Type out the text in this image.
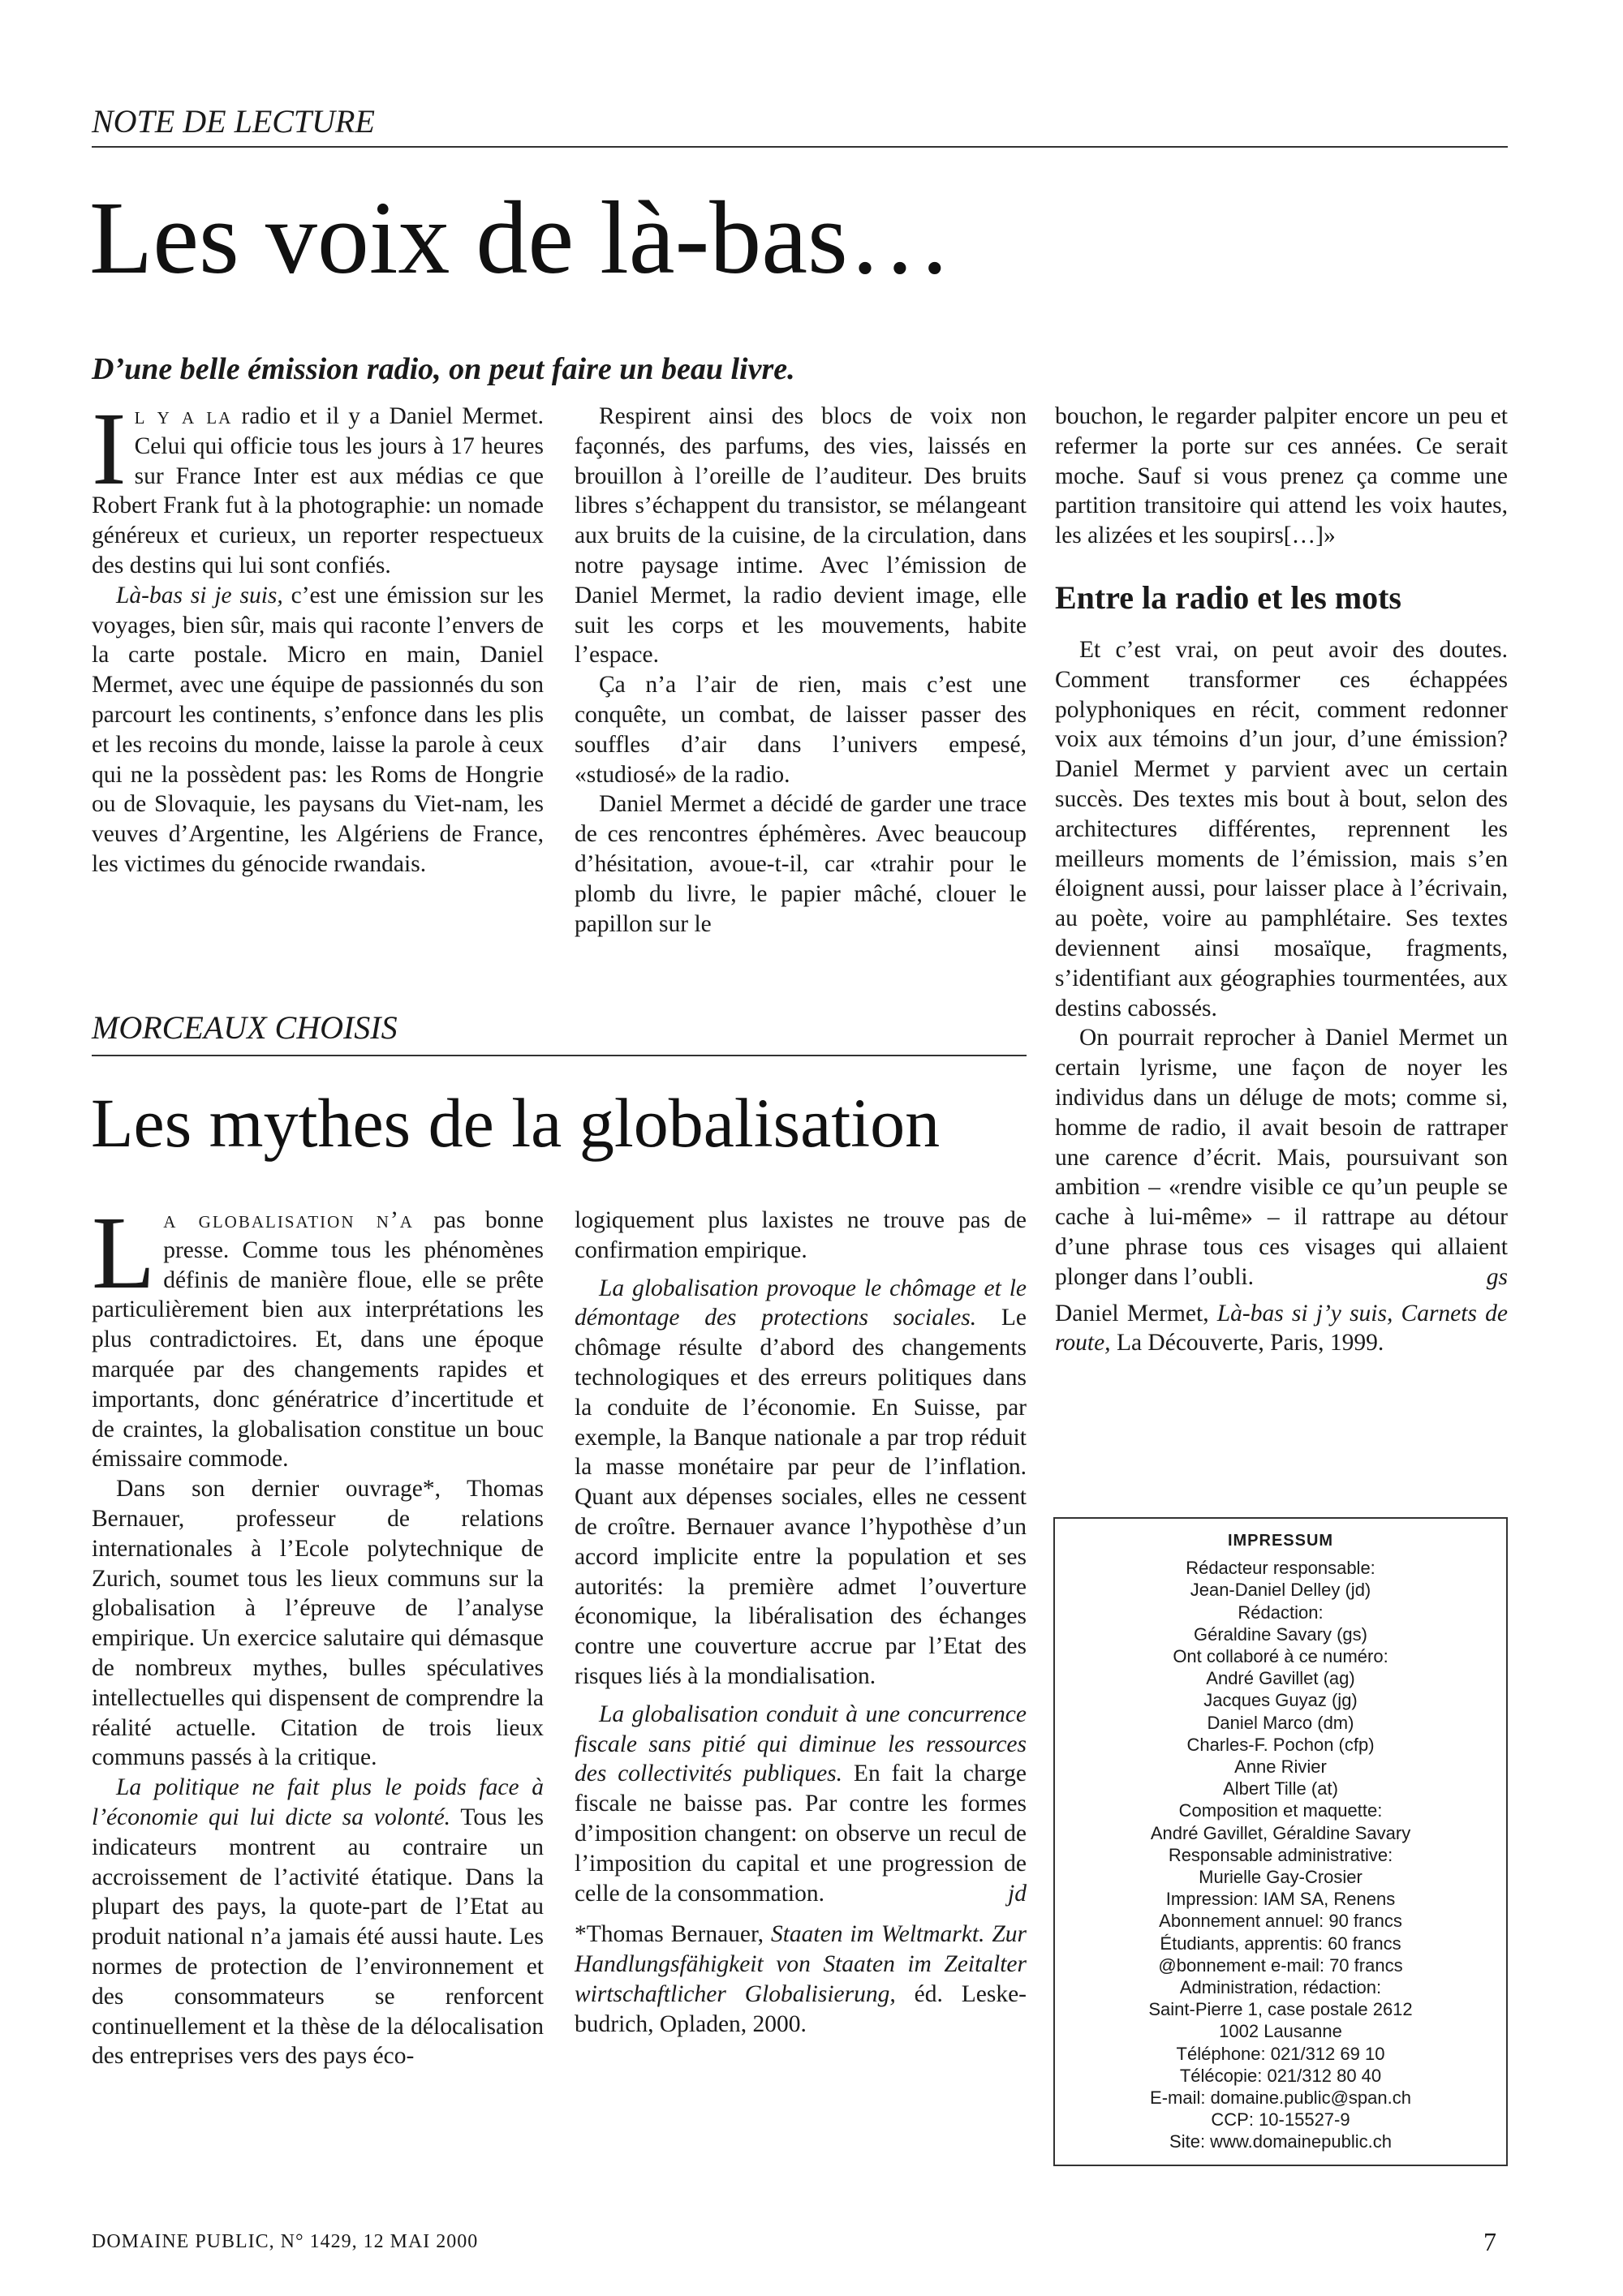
NOTE DE LECTURE
Les voix de là-bas…
D’une belle émission radio, on peut faire un beau livre.

Il y a la radio et il y a Daniel Mermet. Celui qui officie tous les jours à 17 heures sur France Inter est aux médias ce que Robert Frank fut à la photographie: un nomade généreux et curieux, un reporter respectueux des destins qui lui sont confiés.

Là-bas si je suis, c’est une émission sur les voyages, bien sûr, mais qui raconte l’envers de la carte postale. Micro en main, Daniel Mermet, avec une équipe de passionnés du son parcourt les continents, s’enfonce dans les plis et les recoins du monde, laisse la parole à ceux qui ne la possèdent pas: les Roms de Hongrie ou de Slovaquie, les paysans du Viet-nam, les veuves d’Argentine, les Algériens de France, les victimes du génocide rwandais.

Respirent ainsi des blocs de voix non façonnés, des parfums, des vies, laissés en brouillon à l’oreille de l’auditeur. Des bruits libres s’échappent du transistor, se mélangeant aux bruits de la cuisine, de la circulation, dans notre paysage intime. Avec l’émission de Daniel Mermet, la radio devient image, elle suit les corps et les mouvements, habite l’espace.

Ça n’a l’air de rien, mais c’est une conquête, un combat, de laisser passer des souffles d’air dans l’univers empesé, «studiosé» de la radio.

Daniel Mermet a décidé de garder une trace de ces rencontres éphémères. Avec beaucoup d’hésitation, avoue-t-il, car «trahir pour le plomb du livre, le papier mâché, clouer le papillon sur le

bouchon, le regarder palpiter encore un peu et refermer la porte sur ces années. Ce serait moche. Sauf si vous prenez ça comme une partition transitoire qui attend les voix hautes, les alizées et les soupirs[…]»

Entre la radio et les mots

Et c’est vrai, on peut avoir des doutes. Comment transformer ces échappées polyphoniques en récit, comment redonner voix aux témoins d’un jour, d’une émission? Daniel Mermet y parvient avec un certain succès. Des textes mis bout à bout, selon des architectures différentes, reprennent les meilleurs moments de l’émission, mais s’en éloignent aussi, pour laisser place à l’écrivain, au poète, voire au pamphlétaire. Ses textes deviennent ainsi mosaïque, fragments, s’identifiant aux géographies tourmentées, aux destins cabossés.

On pourrait reprocher à Daniel Mermet un certain lyrisme, une façon de noyer les individus dans un déluge de mots; comme si, homme de radio, il avait besoin de rattraper une carence d’écrit. Mais, poursuivant son ambition – «rendre visible ce qu’un peuple se cache à lui-même» – il rattrape au détour d’une phrase tous ces visages qui allaient plonger dans l’oubli.	gs

Daniel Mermet, Là-bas si j’y suis, Carnets de route, La Découverte, Paris, 1999.

MORCEAUX CHOISIS
Les mythes de la globalisation

La globalisation n’a pas bonne presse. Comme tous les phénomènes définis de manière floue, elle se prête particulièrement bien aux interprétations les plus contradictoires. Et, dans une époque marquée par des changements rapides et importants, donc génératrice d’incertitude et de craintes, la globalisation constitue un bouc émissaire commode.

Dans son dernier ouvrage*, Thomas Bernauer, professeur de relations internationales à l’Ecole polytechnique de Zurich, soumet tous les lieux communs sur la globalisation à l’épreuve de l’analyse empirique. Un exercice salutaire qui démasque de nombreux mythes, bulles spéculatives intellectuelles qui dispensent de comprendre la réalité actuelle. Citation de trois lieux communs passés à la critique.

La politique ne fait plus le poids face à l’économie qui lui dicte sa volonté. Tous les indicateurs montrent au contraire un accroissement de l’activité étatique. Dans la plupart des pays, la quote-part de l’Etat au produit national n’a jamais été aussi haute. Les normes de protection de l’environnement et des consommateurs se renforcent continuellement et la thèse de la délocalisation des entreprises vers des pays éco-

logiquement plus laxistes ne trouve pas de confirmation empirique.

La globalisation provoque le chômage et le démontage des protections sociales. Le chômage résulte d’abord des changements technologiques et des erreurs politiques dans la conduite de l’économie. En Suisse, par exemple, la Banque nationale a par trop réduit la masse monétaire par peur de l’inflation. Quant aux dépenses sociales, elles ne cessent de croître. Bernauer avance l’hypothèse d’un accord implicite entre la population et ses autorités: la première admet l’ouverture économique, la libéralisation des échanges contre une couverture accrue par l’Etat des risques liés à la mondialisation.

La globalisation conduit à une concurrence fiscale sans pitié qui diminue les ressources des collectivités publiques. En fait la charge fiscale ne baisse pas. Par contre les formes d’imposition changent: on observe un recul de l’imposition du capital et une progression de celle de la consommation.	jd

*Thomas Bernauer, Staaten im Weltmarkt. Zur Handlungsfähigkeit von Staaten im Zeitalter wirtschaftlicher Globalisierung, éd. Leske-budrich, Opladen, 2000.

IMPRESSUM
Rédacteur responsable:
Jean-Daniel Delley (jd)
Rédaction:
Géraldine Savary (gs)
Ont collaboré à ce numéro:
André Gavillet (ag)
Jacques Guyaz (jg)
Daniel Marco (dm)
Charles-F. Pochon (cfp)
Anne Rivier
Albert Tille (at)
Composition et maquette:
André Gavillet, Géraldine Savary
Responsable administrative:
Murielle Gay-Crosier
Impression: IAM SA, Renens
Abonnement annuel: 90 francs
Étudiants, apprentis: 60 francs
@bonnement e-mail: 70 francs
Administration, rédaction:
Saint-Pierre 1, case postale 2612
1002 Lausanne
Téléphone: 021/312 69 10
Télécopie: 021/312 80 40
E-mail: domaine.public@span.ch
CCP: 10-15527-9
Site: www.domainepublic.ch
DOMAINE PUBLIC, N° 1429, 12 MAI 2000	7
